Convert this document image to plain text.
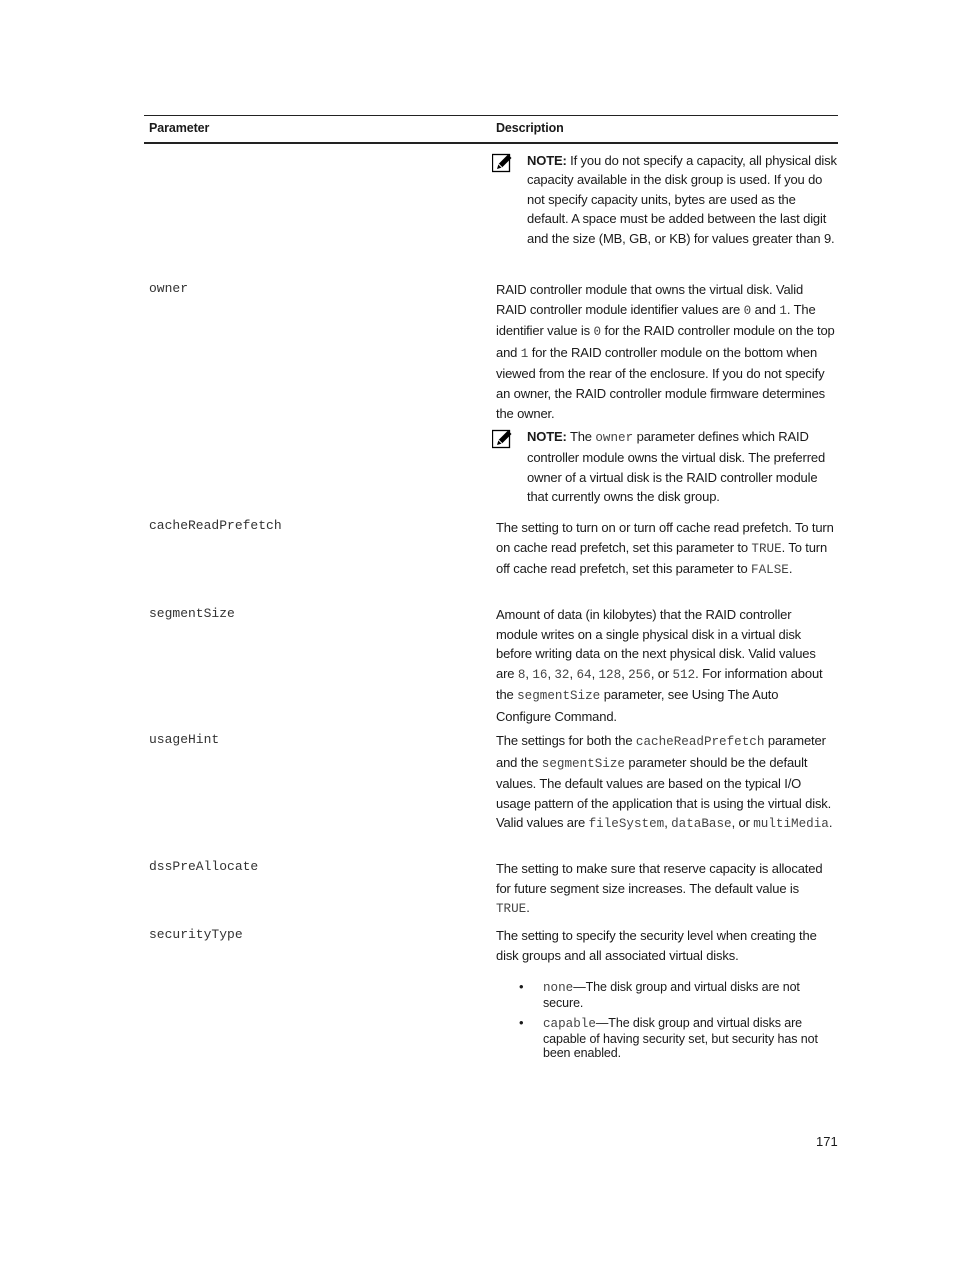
Parameter	Description
NOTE: If you do not specify a capacity, all physical disk capacity available in the disk group is used. If you do not specify capacity units, bytes are used as the default. A space must be added between the last digit and the size (MB, GB, or KB) for values greater than 9.
owner	RAID controller module that owns the virtual disk. Valid RAID controller module identifier values are 0 and 1. The identifier value is 0 for the RAID controller module on the top and 1 for the RAID controller module on the bottom when viewed from the rear of the enclosure. If you do not specify an owner, the RAID controller module firmware determines the owner.
NOTE: The owner parameter defines which RAID controller module owns the virtual disk. The preferred owner of a virtual disk is the RAID controller module that currently owns the disk group.
cacheReadPrefetch	The setting to turn on or turn off cache read prefetch. To turn on cache read prefetch, set this parameter to TRUE. To turn off cache read prefetch, set this parameter to FALSE.
segmentSize	Amount of data (in kilobytes) that the RAID controller module writes on a single physical disk in a virtual disk before writing data on the next physical disk. Valid values are 8, 16, 32, 64, 128, 256, or 512. For information about the segmentSize parameter, see Using The Auto Configure Command.
usageHint	The settings for both the cacheReadPrefetch parameter and the segmentSize parameter should be the default values. The default values are based on the typical I/O usage pattern of the application that is using the virtual disk. Valid values are fileSystem, dataBase, or multiMedia.
dssPreAllocate	The setting to make sure that reserve capacity is allocated for future segment size increases. The default value is TRUE.
securityType	The setting to specify the security level when creating the disk groups and all associated virtual disks.
• none—The disk group and virtual disks are not secure.
• capable—The disk group and virtual disks are capable of having security set, but security has not been enabled.
171
